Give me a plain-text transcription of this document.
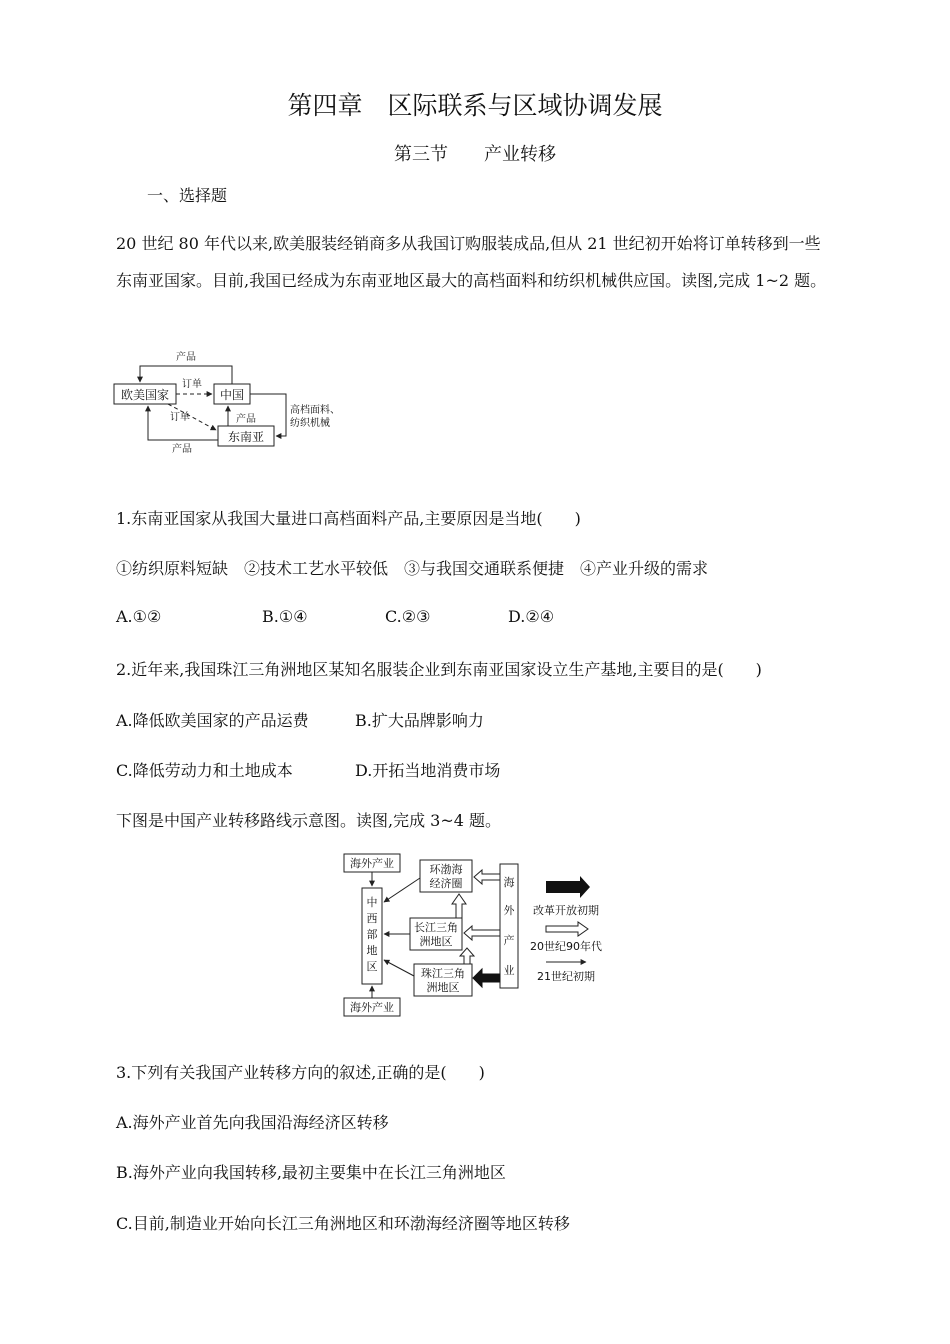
第四章　区际联系与区域协调发展
第三节　　产业转移
一、选择题
20 世纪 80 年代以来,欧美服装经销商多从我国订购服装成品,但从 21 世纪初开始将订单转移到一些
东南亚国家。目前,我国已经成为东南亚地区最大的高档面料和纺织机械供应国。读图,完成 1~2 题。
欧美国家	中国
东南亚
产品
订单
订单	产品
高档面料、
纺织机械
产品
1.东南亚国家从我国大量进口高档面料产品,主要原因是当地(　　)
①纺织原料短缺　②技术工艺水平较低　③与我国交通联系便捷　④产业升级的需求
A.①②	B.①④	C.②③	D.②④
2.近年来,我国珠江三角洲地区某知名服装企业到东南亚国家设立生产基地,主要目的是(　　)
A.降低欧美国家的产品运费	B.扩大品牌影响力
C.降低劳动力和土地成本	D.开拓当地消费市场
下图是中国产业转移路线示意图。读图,完成 3~4 题。
海外产业
中
西
部
地
区
海外产业
环渤海
经济圈
长江三角
洲地区
珠江三角
洲地区
海
外
产
业
改革开放初期
20世纪90年代
21世纪初期
3.下列有关我国产业转移方向的叙述,正确的是(　　)
A.海外产业首先向我国沿海经济区转移
B.海外产业向我国转移,最初主要集中在长江三角洲地区
C.目前,制造业开始向长江三角洲地区和环渤海经济圈等地区转移
